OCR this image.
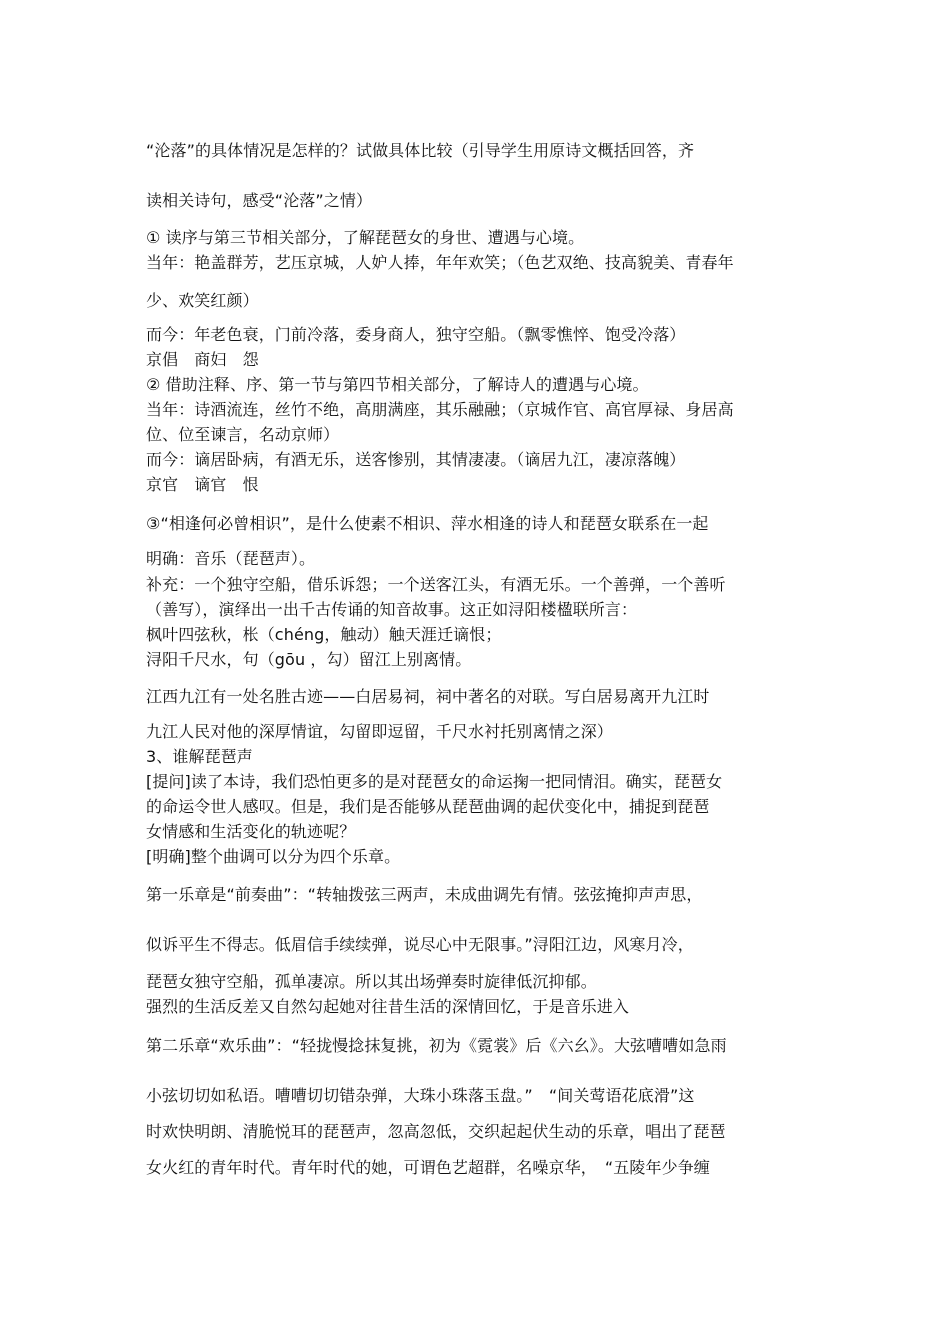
“沦落”的具体情况是怎样的？试做具体比较（引导学生用原诗文概括回答，齐
读相关诗句，感受“沦落”之情）
① 读序与第三节相关部分，了解琵琶女的身世、遭遇与心境。
当年：艳盖群芳，艺压京城，人妒人捧，年年欢笑；（色艺双绝、技高貌美、青春年
少、欢笑红颜）
而今：年老色衰，门前冷落，委身商人，独守空船。（飘零憔悴、饱受冷落）
京倡　商妇　怨
② 借助注释、序、第一节与第四节相关部分，了解诗人的遭遇与心境。
当年：诗酒流连，丝竹不绝，高朋满座，其乐融融；（京城作官、高官厚禄、身居高
位、位至谏言，名动京师）
而今：谪居卧病，有酒无乐，送客惨别，其情凄凄。（谪居九江，凄凉落魄）
京官　谪官　恨
③“相逢何必曾相识”，是什么使素不相识、萍水相逢的诗人和琵琶女联系在一起
明确：音乐（琵琶声）。
补充：一个独守空船，借乐诉怨；一个送客江头，有酒无乐。一个善弹，一个善听
（善写），演绎出一出千古传诵的知音故事。这正如浔阳楼楹联所言：
枫叶四弦秋，枨（chéng，触动）触天涯迁谪恨；
浔阳千尺水，句（gōu ，勾）留江上别离情。
江西九江有一处名胜古迹——白居易祠，祠中著名的对联。写白居易离开九江时
九江人民对他的深厚情谊，勾留即逗留，千尺水衬托别离情之深）
3、谁解琵琶声
[提问]读了本诗，我们恐怕更多的是对琵琶女的命运掬一把同情泪。确实，琵琶女
的命运令世人感叹。但是，我们是否能够从琵琶曲调的起伏变化中，捕捉到琵琶
女情感和生活变化的轨迹呢？
[明确]整个曲调可以分为四个乐章。
第一乐章是“前奏曲”：“转轴拨弦三两声，未成曲调先有情。弦弦掩抑声声思，
似诉平生不得志。低眉信手续续弹，说尽心中无限事。”浔阳江边，风寒月冷，
琵琶女独守空船，孤单凄凉。所以其出场弹奏时旋律低沉抑郁。
强烈的生活反差又自然勾起她对往昔生活的深情回忆，于是音乐进入
第二乐章“欢乐曲”：“轻拢慢捻抹复挑，初为《霓裳》后《六幺》。大弦嘈嘈如急雨
小弦切切如私语。嘈嘈切切错杂弹，大珠小珠落玉盘。”　“间关莺语花底滑”这
时欢快明朗、清脆悦耳的琵琶声，忽高忽低，交织起起伏生动的乐章，唱出了琵琶
女火红的青年时代。青年时代的她，可谓色艺超群，名噪京华，　“五陵年少争缠
